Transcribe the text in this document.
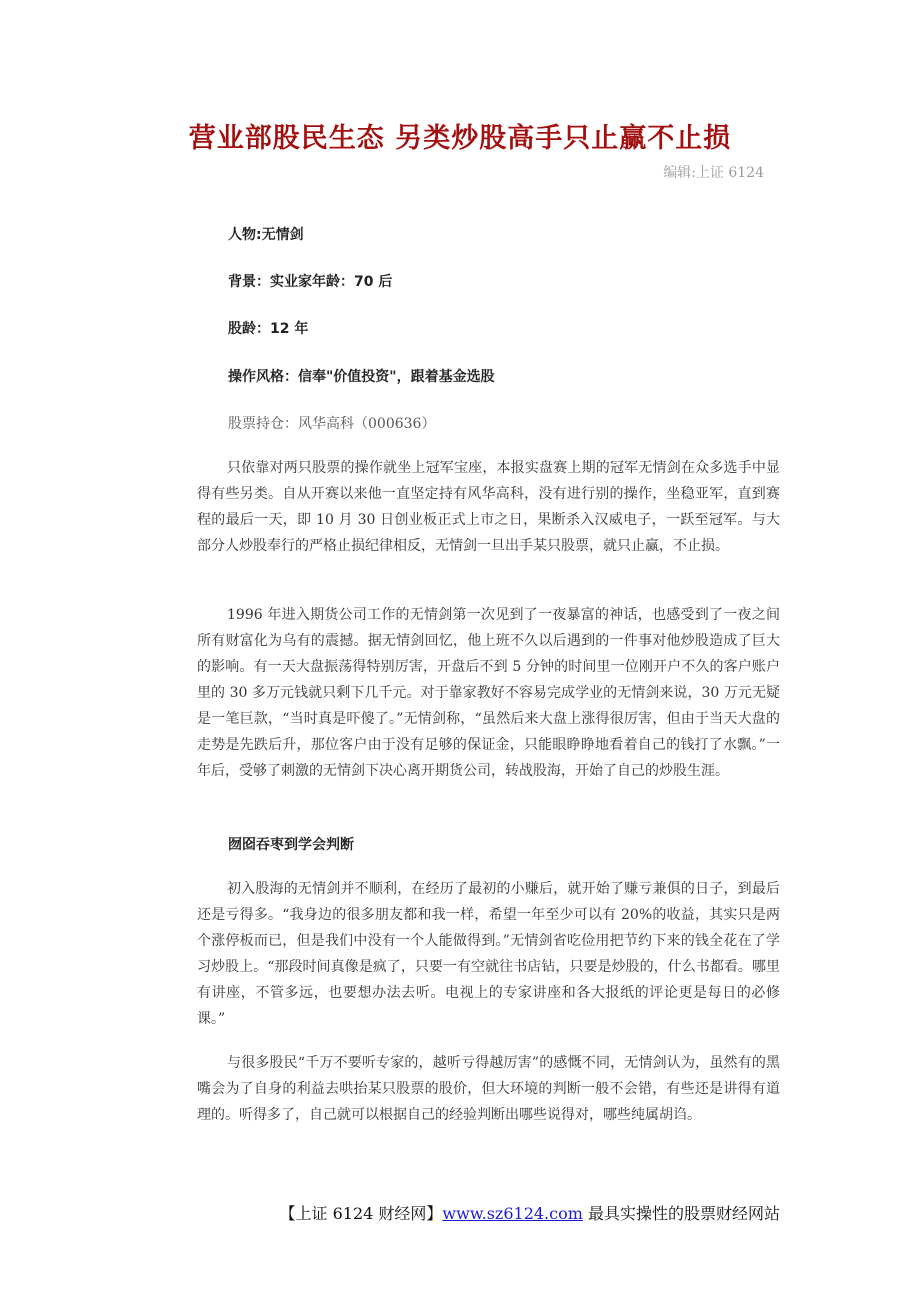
营业部股民生态 另类炒股高手只止赢不止损
编辑:上证 6124
人物:无情剑
背景：实业家年龄：70 后
股龄：12 年
操作风格：信奉"价值投资"，跟着基金选股
股票持仓：风华高科（000636）
只依靠对两只股票的操作就坐上冠军宝座，本报实盘赛上期的冠军无情剑在众多选手中显得有些另类。自从开赛以来他一直坚定持有风华高科，没有进行别的操作，坐稳亚军，直到赛程的最后一天，即 10 月 30 日创业板正式上市之日，果断杀入汉威电子，一跃至冠军。与大部分人炒股奉行的严格止损纪律相反，无情剑一旦出手某只股票，就只止赢，不止损。
1996 年进入期货公司工作的无情剑第一次见到了一夜暴富的神话，也感受到了一夜之间所有财富化为乌有的震撼。据无情剑回忆，他上班不久以后遇到的一件事对他炒股造成了巨大的影响。有一天大盘振荡得特别厉害，开盘后不到 5 分钟的时间里一位刚开户不久的客户账户里的 30 多万元钱就只剩下几千元。对于靠家教好不容易完成学业的无情剑来说，30 万元无疑是一笔巨款，“当时真是吓傻了。”无情剑称，“虽然后来大盘上涨得很厉害，但由于当天大盘的走势是先跌后升，那位客户由于没有足够的保证金，只能眼睁睁地看着自己的钱打了水飘。”一年后，受够了刺激的无情剑下决心离开期货公司，转战股海，开始了自己的炒股生涯。
囫囵吞枣到学会判断
初入股海的无情剑并不顺利，在经历了最初的小赚后，就开始了赚亏兼俱的日子，到最后还是亏得多。“我身边的很多朋友都和我一样，希望一年至少可以有 20%的收益，其实只是两个涨停板而已，但是我们中没有一个人能做得到。”无情剑省吃俭用把节约下来的钱全花在了学习炒股上。“那段时间真像是疯了，只要一有空就往书店钻，只要是炒股的，什么书都看。哪里有讲座，不管多远，也要想办法去听。电视上的专家讲座和各大报纸的评论更是每日的必修课。”
与很多股民“千万不要听专家的，越听亏得越厉害”的感慨不同，无情剑认为，虽然有的黑嘴会为了自身的利益去哄抬某只股票的股价，但大环境的判断一般不会错，有些还是讲得有道理的。听得多了，自己就可以根据自己的经验判断出哪些说得对，哪些纯属胡诌。
【上证 6124 财经网】www.sz6124.com 最具实操性的股票财经网站
